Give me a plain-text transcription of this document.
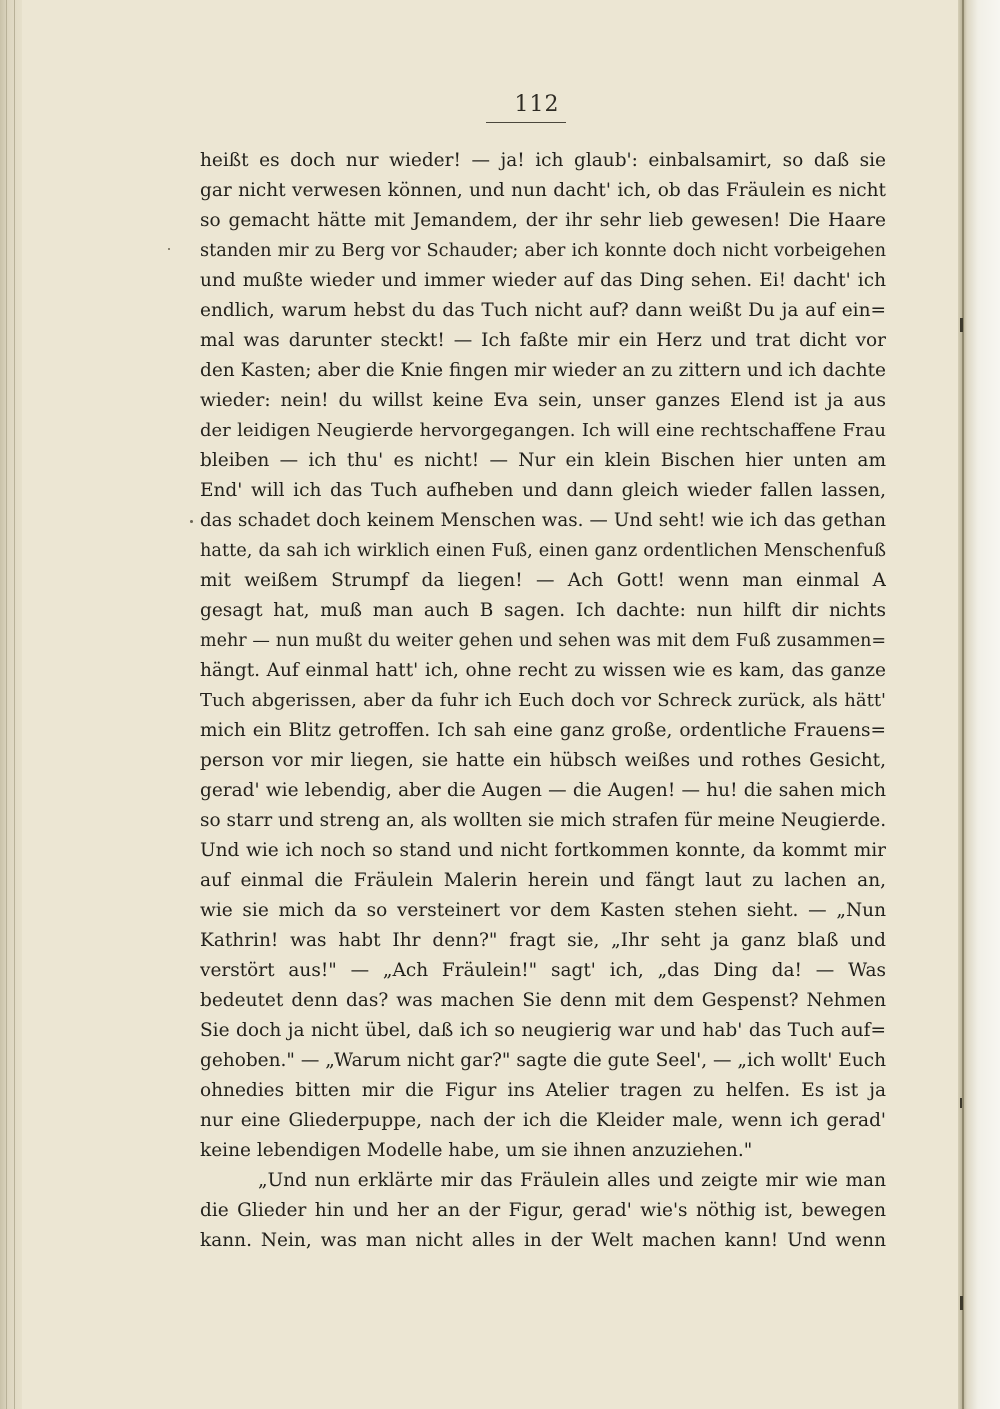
112
heißt es doch nur wieder! — ja! ich glaub': einbalsamirt, so daß sie
gar nicht verwesen können, und nun dacht' ich, ob das Fräulein es nicht
so gemacht hätte mit Jemandem, der ihr sehr lieb gewesen! Die Haare
standen mir zu Berg vor Schauder; aber ich konnte doch nicht vorbeigehen
und mußte wieder und immer wieder auf das Ding sehen. Ei! dacht' ich
endlich, warum hebst du das Tuch nicht auf? dann weißt Du ja auf ein=
mal was darunter steckt! — Ich faßte mir ein Herz und trat dicht vor
den Kasten; aber die Knie fingen mir wieder an zu zittern und ich dachte
wieder: nein! du willst keine Eva sein, unser ganzes Elend ist ja aus
der leidigen Neugierde hervorgegangen. Ich will eine rechtschaffene Frau
bleiben — ich thu' es nicht! — Nur ein klein Bischen hier unten am
End' will ich das Tuch aufheben und dann gleich wieder fallen lassen,
das schadet doch keinem Menschen was. — Und seht! wie ich das gethan
hatte, da sah ich wirklich einen Fuß, einen ganz ordentlichen Menschenfuß
mit weißem Strumpf da liegen! — Ach Gott! wenn man einmal A
gesagt hat, muß man auch B sagen. Ich dachte: nun hilft dir nichts
mehr — nun mußt du weiter gehen und sehen was mit dem Fuß zusammen=
hängt. Auf einmal hatt' ich, ohne recht zu wissen wie es kam, das ganze
Tuch abgerissen, aber da fuhr ich Euch doch vor Schreck zurück, als hätt'
mich ein Blitz getroffen. Ich sah eine ganz große, ordentliche Frauens=
person vor mir liegen, sie hatte ein hübsch weißes und rothes Gesicht,
gerad' wie lebendig, aber die Augen — die Augen! — hu! die sahen mich
so starr und streng an, als wollten sie mich strafen für meine Neugierde.
Und wie ich noch so stand und nicht fortkommen konnte, da kommt mir
auf einmal die Fräulein Malerin herein und fängt laut zu lachen an,
wie sie mich da so versteinert vor dem Kasten stehen sieht. — „Nun
Kathrin! was habt Ihr denn?" fragt sie, „Ihr seht ja ganz blaß und
verstört aus!" — „Ach Fräulein!" sagt' ich, „das Ding da! — Was
bedeutet denn das? was machen Sie denn mit dem Gespenst? Nehmen
Sie doch ja nicht übel, daß ich so neugierig war und hab' das Tuch auf=
gehoben." — „Warum nicht gar?" sagte die gute Seel', — „ich wollt' Euch
ohnedies bitten mir die Figur ins Atelier tragen zu helfen. Es ist ja
nur eine Gliederpuppe, nach der ich die Kleider male, wenn ich gerad'
keine lebendigen Modelle habe, um sie ihnen anzuziehen."
„Und nun erklärte mir das Fräulein alles und zeigte mir wie man
die Glieder hin und her an der Figur, gerad' wie's nöthig ist, bewegen
kann. Nein, was man nicht alles in der Welt machen kann! Und wenn
